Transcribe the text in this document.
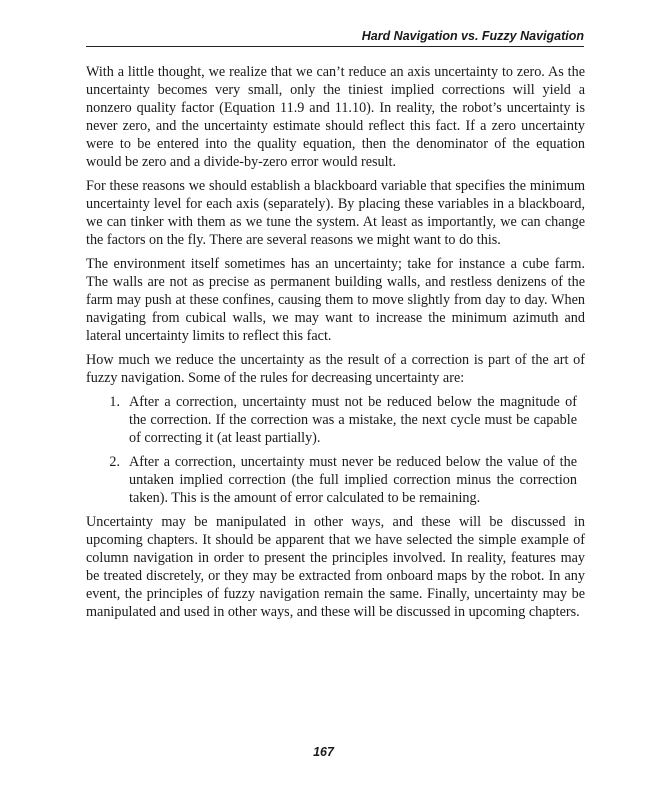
Hard Navigation vs. Fuzzy Navigation

With a little thought, we realize that we can’t reduce an axis uncertainty to zero. As the uncertainty becomes very small, only the tiniest implied corrections will yield a nonzero quality factor (Equation 11.9 and 11.10). In reality, the robot’s uncertainty is never zero, and the uncertainty estimate should reflect this fact. If a zero uncertainty were to be entered into the quality equation, then the denominator of the equation would be zero and a divide-by-zero error would result.

For these reasons we should establish a blackboard variable that specifies the minimum uncertainty level for each axis (separately). By placing these variables in a blackboard, we can tinker with them as we tune the system. At least as importantly, we can change the factors on the fly. There are several reasons we might want to do this.

The environment itself sometimes has an uncertainty; take for instance a cube farm. The walls are not as precise as permanent building walls, and restless denizens of the farm may push at these confines, causing them to move slightly from day to day. When navigating from cubical walls, we may want to increase the minimum azimuth and lateral uncertainty limits to reflect this fact.

How much we reduce the uncertainty as the result of a correction is part of the art of fuzzy navigation. Some of the rules for decreasing uncertainty are:

1. After a correction, uncertainty must not be reduced below the magnitude of the correction. If the correction was a mistake, the next cycle must be capable of correcting it (at least partially).
2. After a correction, uncertainty must never be reduced below the value of the untaken implied correction (the full implied correction minus the correction taken). This is the amount of error calculated to be remaining.

Uncertainty may be manipulated in other ways, and these will be discussed in upcoming chapters. It should be apparent that we have selected the simple example of column navigation in order to present the principles involved. In reality, features may be treated discretely, or they may be extracted from onboard maps by the robot. In any event, the principles of fuzzy navigation remain the same. Finally, uncertainty may be manipulated and used in other ways, and these will be discussed in upcoming chapters.

167
